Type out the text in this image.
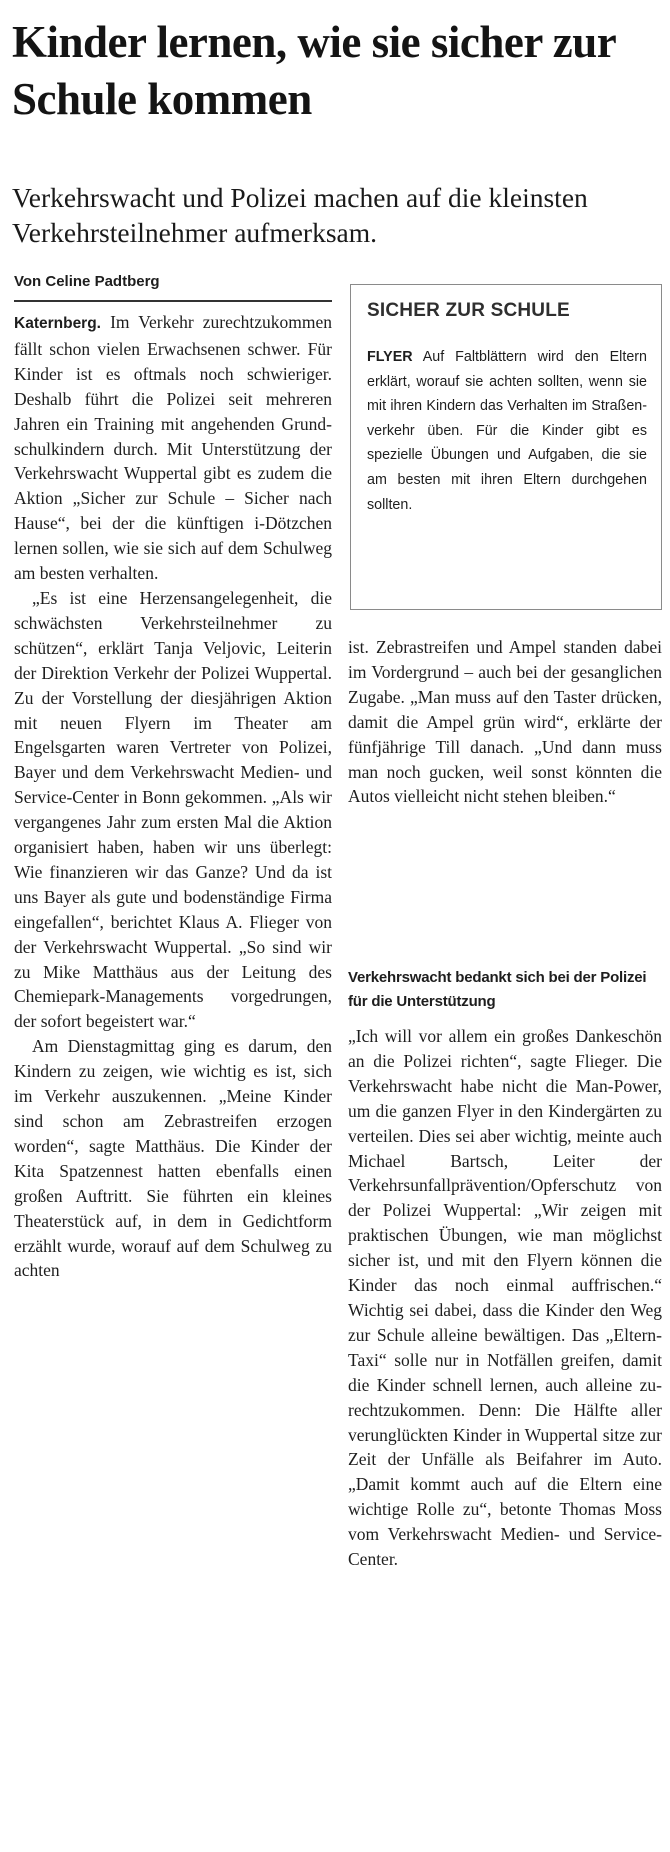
Kinder lernen, wie sie sicher zur Schule kommen

Verkehrswacht und Polizei machen auf die kleinsten Verkehrsteilnehmer aufmerksam.

Von Celine Padtberg
SICHER ZUR SCHULE

FLYER Auf Faltblättern wird den Eltern erklärt, worauf sie achten sollten, wenn sie mit ihren Kindern das Verhalten im Straßenverkehr üben. Für die Kinder gibt es spezielle Übungen und Aufgaben, die sie am besten mit ihren Eltern durchgehen sollten.

Katernberg. Im Verkehr zurechtzukommen fällt schon vielen Erwachsenen schwer. Für Kinder ist es oftmals noch schwieriger. Deshalb führt die Polizei seit mehreren Jahren ein Training mit angehenden Grundschulkindern durch. Mit Unterstützung der Verkehrswacht Wuppertal gibt es zudem die Aktion „Sicher zur Schule – Sicher nach Hause“, bei der die künftigen i-Dötzchen lernen sollen, wie sie sich auf dem Schulweg am besten verhalten.

„Es ist eine Herzensangelegenheit, die schwächsten Verkehrsteilnehmer zu schützen“, erklärt Tanja Veljovic, Leiterin der Direktion Verkehr der Polizei Wuppertal. Zu der Vorstellung der diesjährigen Aktion mit neuen Flyern im Theater am Engelsgarten waren Vertreter von Polizei, Bayer und dem Verkehrswacht Medien- und Service-Center in Bonn gekommen. „Als wir vergangenes Jahr zum ersten Mal die Aktion organisiert haben, haben wir uns überlegt: Wie finanzieren wir das Ganze? Und da ist uns Bayer als gute und bodenständige Firma eingefallen“, berichtet Klaus A. Flieger von der Verkehrswacht Wuppertal. „So sind wir zu Mike Matthäus aus der Leitung des Chemiepark-Managements vorgedrungen, der sofort begeistert war.“

Am Dienstagmittag ging es darum, den Kindern zu zeigen, wie wichtig es ist, sich im Verkehr auszukennen. „Meine Kinder sind schon am Zebrastreifen erzogen worden“, sagte Matthäus. Die Kinder der Kita Spatzennest hatten ebenfalls einen großen Auftritt. Sie führten ein kleines Theaterstück auf, in dem in Gedichtform erzählt wurde, worauf auf dem Schulweg zu achten

ist. Zebrastreifen und Ampel standen dabei im Vordergrund – auch bei der gesanglichen Zugabe. „Man muss auf den Taster drücken, damit die Ampel grün wird“, erklärte der fünfjährige Till danach. „Und dann muss man noch gucken, weil sonst könnten die Autos vielleicht nicht stehen bleiben.“

Verkehrswacht bedankt sich bei der Polizei für die Unterstützung

„Ich will vor allem ein großes Dankeschön an die Polizei richten“, sagte Flieger. Die Verkehrswacht habe nicht die Man-Power, um die ganzen Flyer in den Kindergärten zu verteilen. Dies sei aber wichtig, meinte auch Michael Bartsch, Leiter der Verkehrsunfallprävention/Opferschutz von der Polizei Wuppertal: „Wir zeigen mit praktischen Übungen, wie man möglichst sicher ist, und mit den Flyern können die Kinder das noch einmal auffrischen.“ Wichtig sei dabei, dass die Kinder den Weg zur Schule alleine bewältigen. Das „Eltern-Taxi“ solle nur in Notfällen greifen, damit die Kinder schnell lernen, auch alleine zurechtzukommen. Denn: Die Hälfte aller verunglückten Kinder in Wuppertal sitze zur Zeit der Unfälle als Beifahrer im Auto. „Damit kommt auch auf die Eltern eine wichtige Rolle zu“, betonte Thomas Moss vom Verkehrswacht Medien- und Service-Center.
